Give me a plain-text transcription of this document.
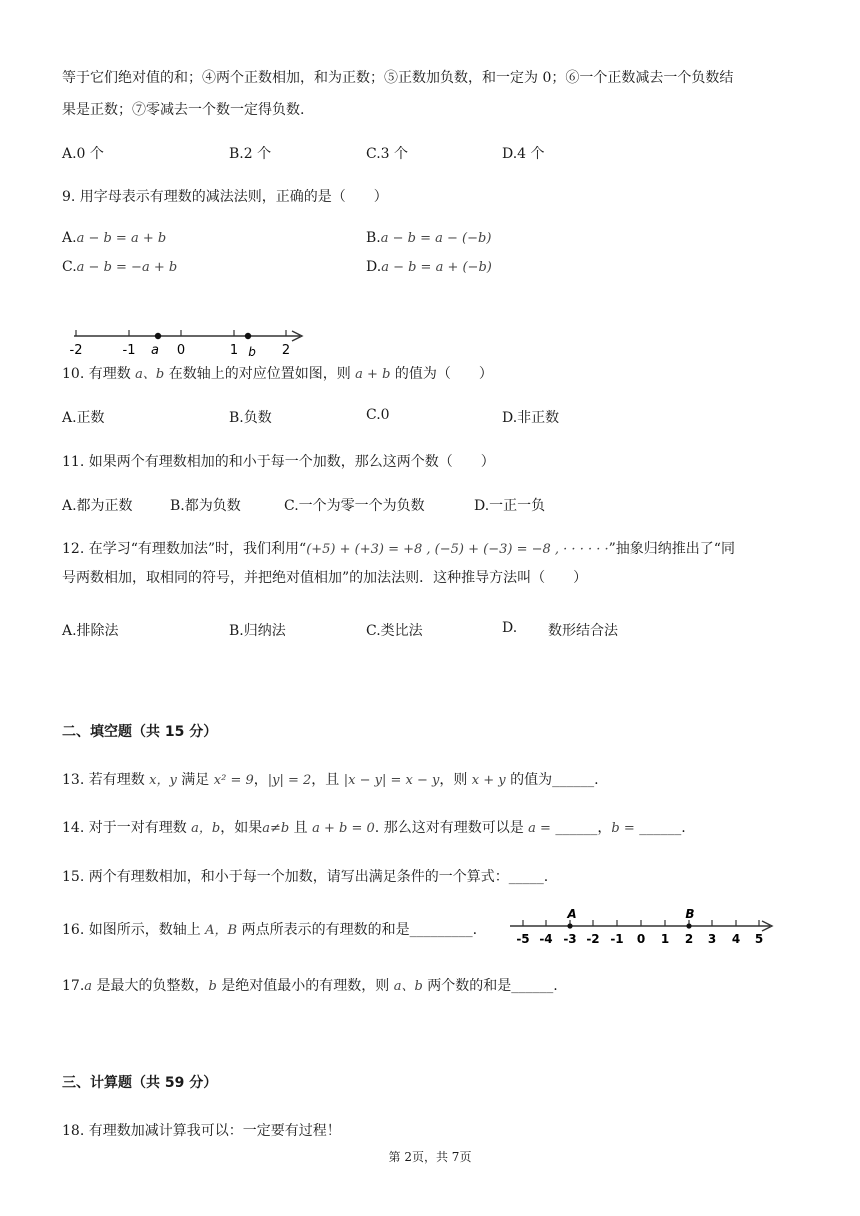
等于它们绝对值的和；④两个正数相加，和为正数；⑤正数加负数，和一定为 0；⑥一个正数减去一个负数结
果是正数；⑦零减去一个数一定得负数.
A.0 个	B.2 个	C.3 个	D.4 个
9. 用字母表示有理数的减法法则，正确的是（　　）
A.a − b = a + b	B.a − b = a − (−b)
C.a − b = −a + b	D.a − b = a + (−b)
-2	-1	0	1	2
a	b
10. 有理数 a、b 在数轴上的对应位置如图，则 a + b 的值为（　　）
A.正数	B.负数	C.0	D.非正数
11. 如果两个有理数相加的和小于每一个加数，那么这两个数（　　）
A.都为正数	B.都为负数	C.一个为零一个为负数	D.一正一负
12. 在学习“有理数加法”时，我们利用“(+5) + (+3) = +8 , (−5) + (−3) = −8 , · · · · · ·”抽象归纳推出了“同
号两数相加，取相同的符号，并把绝对值相加”的加法法则．这种推导方法叫（　　）
A.排除法	B.归纳法	C.类比法	D. 数形结合法
二、填空题（共 15 分）
13. 若有理数 x，y 满足 x² = 9，|y| = 2，且 |x − y| = x − y，则 x + y 的值为______.
14. 对于一对有理数 a，b，如果a≠b 且 a + b = 0. 那么这对有理数可以是 a = ______，b = ______.
15. 两个有理数相加，和小于每一个加数，请写出满足条件的一个算式：_____.
16. 如图所示，数轴上 A，B 两点所表示的有理数的和是_________.
A	B
-5 -4 -3 -2 -1 0 1 2 3 4 5
17.a 是最大的负整数，b 是绝对值最小的有理数，则 a、b 两个数的和是______.
三、计算题（共 59 分）
18. 有理数加减计算我可以：一定要有过程！
第 2页，共 7页
